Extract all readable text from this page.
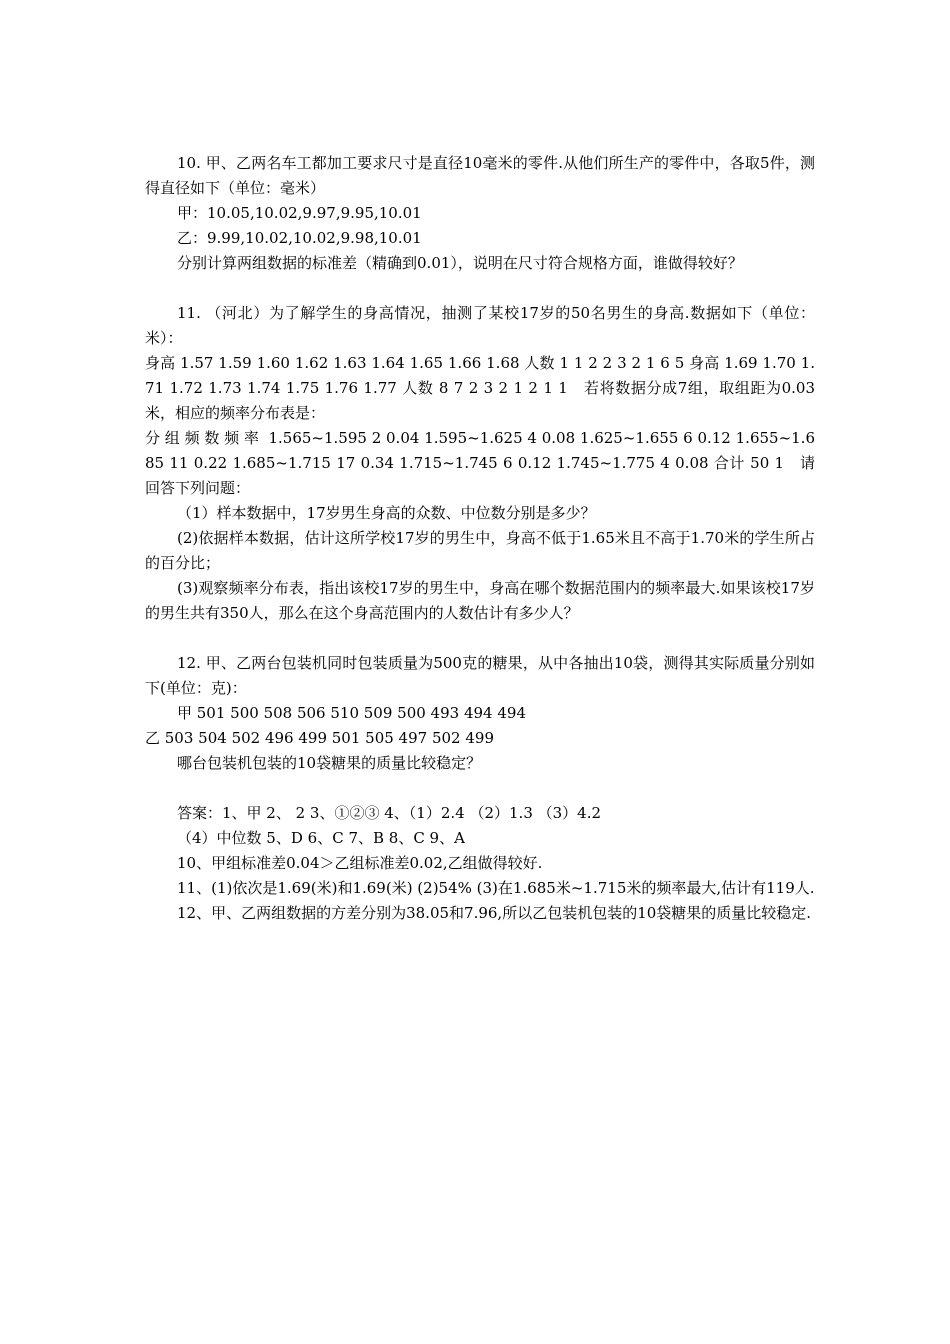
10. 甲、乙两名车工都加工要求尺寸是直径10毫米的零件.从他们所生产的零件中，各取5件，测得直径如下（单位：毫米）

甲：10.05,10.02,9.97,9.95,10.01

乙：9.99,10.02,10.02,9.98,10.01

分别计算两组数据的标准差（精确到0.01），说明在尺寸符合规格方面，谁做得较好？

11. （河北）为了解学生的身高情况，抽测了某校17岁的50名男生的身高.数据如下（单位：米）：

身高 1.57 1.59 1.60 1.62 1.63 1.64 1.65 1.66 1.68 人数 1 1 2 2 3 2 1 6 5 身高 1.69 1.70 1.71 1.72 1.73 1.74 1.75 1.76 1.77 人数 8 7 2 3 2 1 2 1 1   若将数据分成7组，取组距为0.03米，相应的频率分布表是：

分 组 频 数 频 率  1.565~1.595 2 0.04 1.595~1.625 4 0.08 1.625~1.655 6 0.12 1.655~1.685 11 0.22 1.685~1.715 17 0.34 1.715~1.745 6 0.12 1.745~1.775 4 0.08 合计 50 1   请回答下列问题：

（1）样本数据中，17岁男生身高的众数、中位数分别是多少？

(2)依据样本数据，估计这所学校17岁的男生中，身高不低于1.65米且不高于1.70米的学生所占的百分比；

(3)观察频率分布表，指出该校17岁的男生中，身高在哪个数据范围内的频率最大.如果该校17岁的男生共有350人，那么在这个身高范围内的人数估计有多少人？

12. 甲、乙两台包装机同时包装质量为500克的糖果，从中各抽出10袋，测得其实际质量分别如下(单位：克)：

甲 501 500 508 506 510 509 500 493 494 494

乙 503 504 502 496 499 501 505 497 502 499

哪台包装机包装的10袋糖果的质量比较稳定？

答案：1、甲 2、 2 3、①②③ 4、（1）2.4 （2）1.3 （3）4.2

（4）中位数 5、D 6、C 7、B 8、C 9、A

10、甲组标准差0.04＞乙组标准差0.02,乙组做得较好.

11、(1)依次是1.69(米)和1.69(米) (2)54% (3)在1.685米~1.715米的频率最大,估计有119人.

12、甲、乙两组数据的方差分别为38.05和7.96,所以乙包装机包装的10袋糖果的质量比较稳定.
